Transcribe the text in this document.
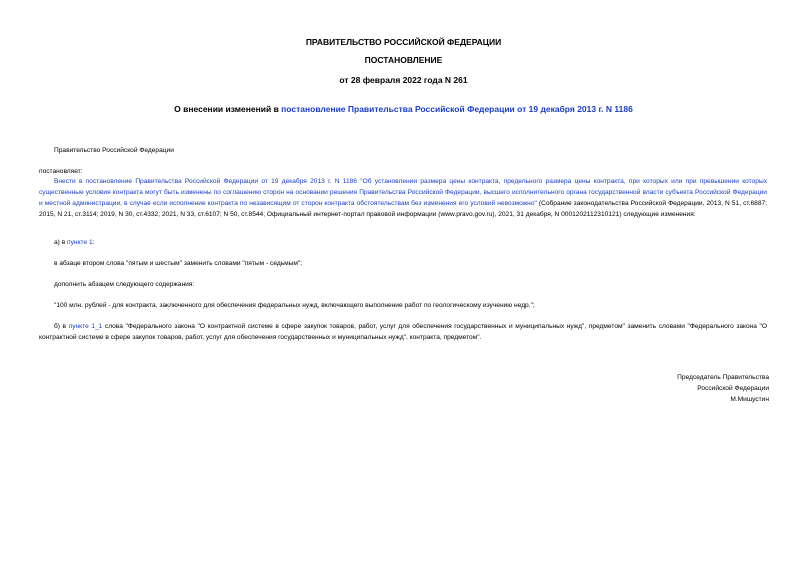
ПРАВИТЕЛЬСТВО РОССИЙСКОЙ ФЕДЕРАЦИИ
ПОСТАНОВЛЕНИЕ
от 28 февраля 2022 года N 261
О внесении изменений в постановление Правительства Российской Федерации от 19 декабря 2013 г. N 1186
Правительство Российской Федерации
постановляет:
Внести в постановление Правительства Российской Федерации от 19 декабря 2013 г. N 1186 "Об установлении размера цены контракта, предельного размера цены контракта, при которых или при превышении которых существенные условия контракта могут быть изменены по соглашению сторон на основании решения Правительства Российской Федерации, высшего исполнительного органа государственной власти субъекта Российской Федерации и местной администрации, в случае если исполнение контракта по независящим от сторон контракта обстоятельствам без изменения его условий невозможно" (Собрание законодательства Российской Федерации, 2013, N 51, ст.6887; 2015, N 21, ст.3114; 2019, N 30, ст.4332; 2021, N 33, ст.6107; N 50, ст.8544; Официальный интернет-портал правовой информации (www.pravo.gov.ru), 2021, 31 декабря, N 0001202112310121) следующие изменения:
а) в пункте 1:
в абзаце втором слова "пятым и шестым" заменить словами "пятым - седьмым";
дополнить абзацем следующего содержания:
"100 млн. рублей - для контракта, заключенного для обеспечения федеральных нужд, включающего выполнение работ по геологическому изучению недр.";
б) в пункте 1_1 слова "Федерального закона "О контрактной системе в сфере закупок товаров, работ, услуг для обеспечения государственных и муниципальных нужд", предметом" заменить словами "Федерального закона "О контрактной системе в сфере закупок товаров, работ, услуг для обеспечения государственных и муниципальных нужд", контракта, предметом".
Председатель Правительства
Российской Федерации
М.Мишустин
